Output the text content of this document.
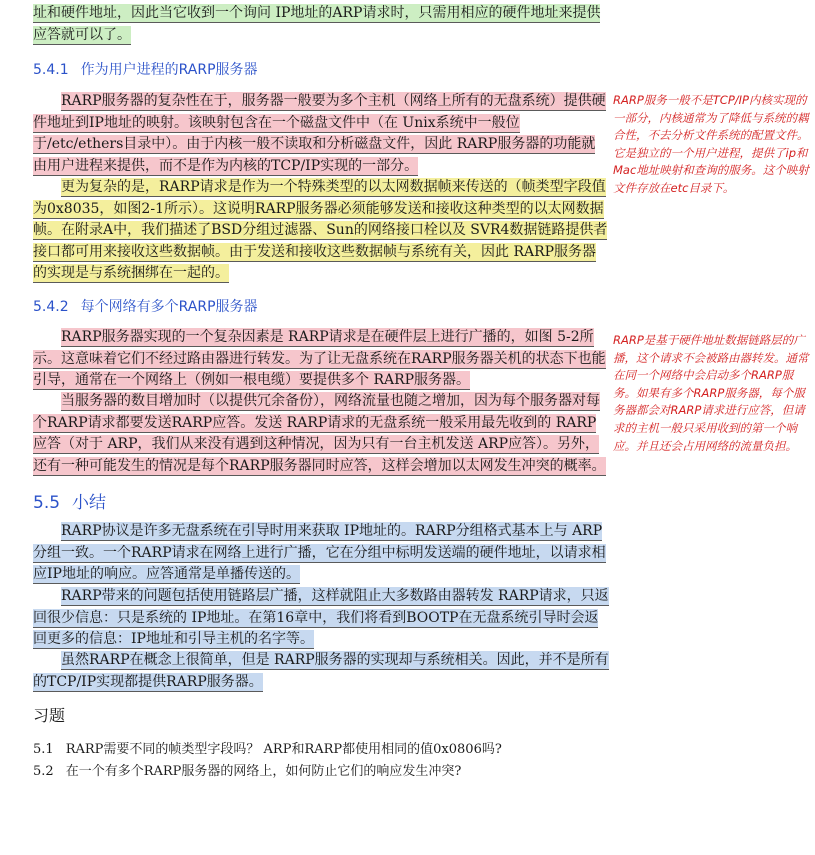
址和硬件地址，因此当它收到一个询问 IP地址的ARP请求时，只需用相应的硬件地址来提供应答就可以了。

5.4.1 作为用户进程的RARP服务器

RARP服务器的复杂性在于，服务器一般要为多个主机（网络上所有的无盘系统）提供硬件地址到IP地址的映射。该映射包含在一个磁盘文件中（在 Unix系统中一般位于/etc/ethers目录中）。由于内核一般不读取和分析磁盘文件，因此 RARP服务器的功能就由用户进程来提供，而不是作为内核的TCP/IP实现的一部分。

更为复杂的是，RARP请求是作为一个特殊类型的以太网数据帧来传送的（帧类型字段值为0x8035，如图2-1所示）。这说明RARP服务器必须能够发送和接收这种类型的以太网数据帧。在附录A中，我们描述了BSD分组过滤器、Sun的网络接口栓以及 SVR4数据链路提供者接口都可用来接收这些数据帧。由于发送和接收这些数据帧与系统有关，因此 RARP服务器的实现是与系统捆绑在一起的。

RARP服务一般不是TCP/IP内核实现的一部分，内核通常为了降低与系统的耦合性，不去分析文件系统的配置文件。它是独立的一个用户进程，提供了ip和Mac地址映射和查询的服务。这个映射文件存放在etc目录下。

5.4.2 每个网络有多个RARP服务器

RARP服务器实现的一个复杂因素是 RARP请求是在硬件层上进行广播的，如图 5-2所示。这意味着它们不经过路由器进行转发。为了让无盘系统在RARP服务器关机的状态下也能引导，通常在一个网络上（例如一根电缆）要提供多个 RARP服务器。

当服务器的数目增加时（以提供冗余备份），网络流量也随之增加，因为每个服务器对每个RARP请求都要发送RARP应答。发送 RARP请求的无盘系统一般采用最先收到的 RARP应答（对于 ARP，我们从来没有遇到这种情况，因为只有一台主机发送 ARP应答）。另外，还有一种可能发生的情况是每个RARP服务器同时应答，这样会增加以太网发生冲突的概率。

RARP是基于硬件地址数据链路层的广播，这个请求不会被路由器转发。通常在同一个网络中会启动多个RARP服务。如果有多个RARP服务器，每个服务器都会对RARP请求进行应答，但请求的主机一般只采用收到的第一个响应。并且还会占用网络的流量负担。

5.5 小结

RARP协议是许多无盘系统在引导时用来获取 IP地址的。RARP分组格式基本上与 ARP分组一致。一个RARP请求在网络上进行广播，它在分组中标明发送端的硬件地址，以请求相应IP地址的响应。应答通常是单播传送的。

RARP带来的问题包括使用链路层广播，这样就阻止大多数路由器转发 RARP请求，只返回很少信息：只是系统的 IP地址。在第16章中，我们将看到BOOTP在无盘系统引导时会返回更多的信息：IP地址和引导主机的名字等。

虽然RARP在概念上很简单，但是 RARP服务器的实现却与系统相关。因此，并不是所有的TCP/IP实现都提供RARP服务器。

习题

5.1 RARP需要不同的帧类型字段吗？ ARP和RARP都使用相同的值0x0806吗?

5.2 在一个有多个RARP服务器的网络上，如何防止它们的响应发生冲突?
